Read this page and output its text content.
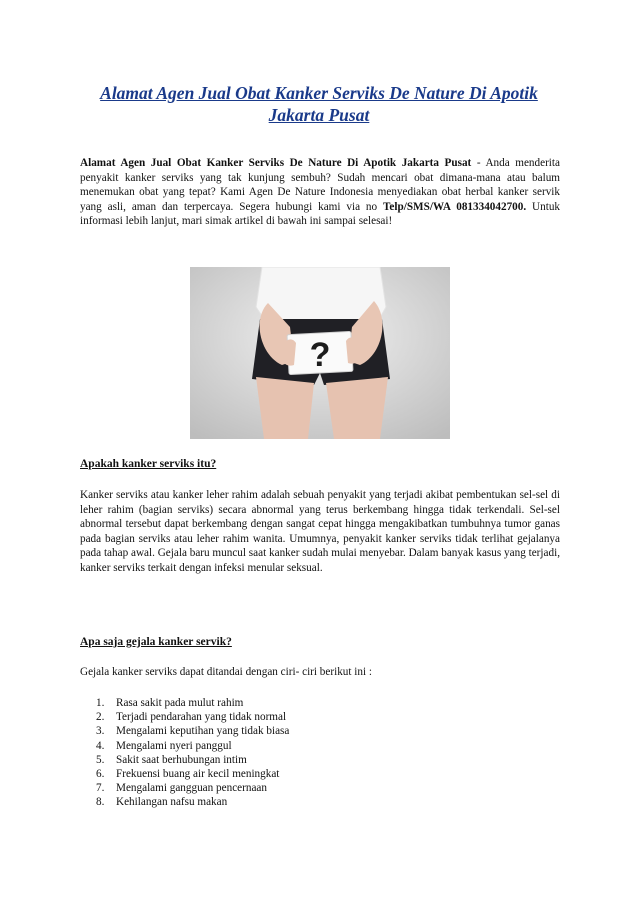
Alamat Agen Jual Obat Kanker Serviks De Nature Di Apotik Jakarta Pusat
Alamat Agen Jual Obat Kanker Serviks De Nature Di Apotik Jakarta Pusat - Anda menderita penyakit kanker serviks yang tak kunjung sembuh? Sudah mencari obat dimana-mana atau balum menemukan obat yang tepat? Kami Agen De Nature Indonesia menyediakan obat herbal kanker servik yang asli, aman dan terpercaya. Segera hubungi kami via no Telp/SMS/WA 081334042700. Untuk informasi lebih lanjut, mari simak artikel di bawah ini sampai selesai!
?
Apakah kanker serviks itu?
Kanker serviks atau kanker leher rahim adalah sebuah penyakit yang terjadi akibat pembentukan sel-sel di leher rahim (bagian serviks) secara abnormal yang terus berkembang hingga tidak terkendali. Sel-sel abnormal tersebut dapat berkembang dengan sangat cepat hingga mengakibatkan tumbuhnya tumor ganas pada bagian serviks atau leher rahim wanita. Umumnya, penyakit kanker serviks tidak terlihat gejalanya pada tahap awal. Gejala baru muncul saat kanker sudah mulai menyebar. Dalam banyak kasus yang terjadi, kanker serviks terkait dengan infeksi menular seksual.
Apa saja gejala kanker servik?
Gejala kanker serviks dapat ditandai dengan ciri- ciri berikut ini :
1.	Rasa sakit pada mulut rahim
2.	Terjadi pendarahan yang tidak normal
3.	Mengalami keputihan yang tidak biasa
4.	Mengalami nyeri panggul
5.	Sakit saat berhubungan intim
6.	Frekuensi buang air kecil meningkat
7.	Mengalami gangguan pencernaan
8.	Kehilangan nafsu makan
